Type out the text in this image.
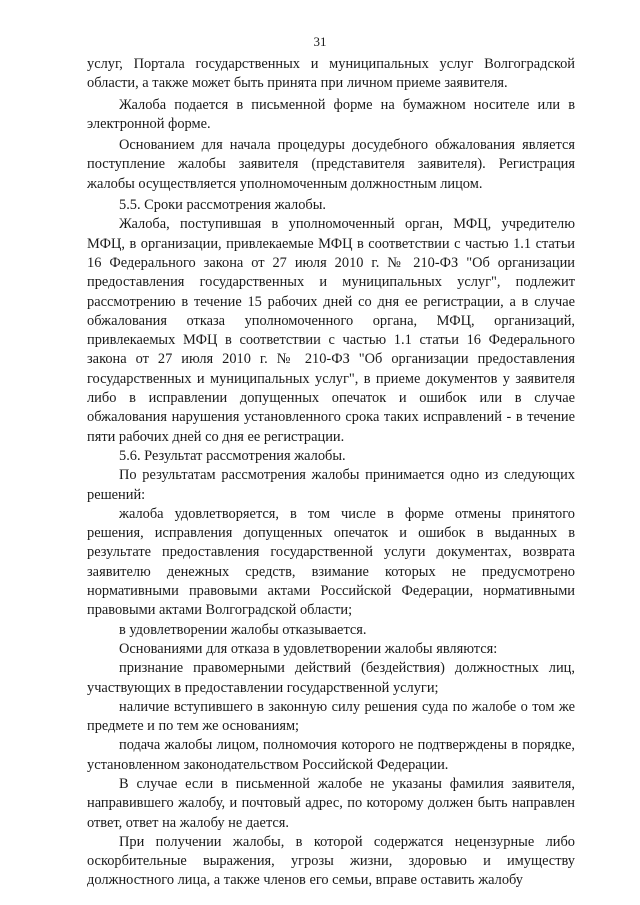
31

услуг, Портала государственных и муниципальных услуг Волгоградской области, а также может быть принята при личном приеме заявителя.

Жалоба подается в письменной форме на бумажном носителе или в электронной форме.

Основанием для начала процедуры досудебного обжалования является поступление жалобы заявителя (представителя заявителя). Регистрация жалобы осуществляется уполномоченным должностным лицом.

5.5. Сроки рассмотрения жалобы.

Жалоба, поступившая в уполномоченный орган, МФЦ, учредителю МФЦ, в организации, привлекаемые МФЦ в соответствии с частью 1.1 статьи 16 Федерального закона от 27 июля 2010 г. № 210-ФЗ "Об организации предоставления государственных и муниципальных услуг", подлежит рассмотрению в течение 15 рабочих дней со дня ее регистрации, а в случае обжалования отказа уполномоченного органа, МФЦ, организаций, привлекаемых МФЦ в соответствии с частью 1.1 статьи 16 Федерального закона от 27 июля 2010 г. № 210-ФЗ "Об организации предоставления государственных и муниципальных услуг", в приеме документов у заявителя либо в исправлении допущенных опечаток и ошибок или в случае обжалования нарушения установленного срока таких исправлений - в течение пяти рабочих дней со дня ее регистрации.

5.6. Результат рассмотрения жалобы.

По результатам рассмотрения жалобы принимается одно из следующих решений:

жалоба удовлетворяется, в том числе в форме отмены принятого решения, исправления допущенных опечаток и ошибок в выданных в результате предоставления государственной услуги документах, возврата заявителю денежных средств, взимание которых не предусмотрено нормативными правовыми актами Российской Федерации, нормативными правовыми актами Волгоградской области;

в удовлетворении жалобы отказывается.

Основаниями для отказа в удовлетворении жалобы являются:

признание правомерными действий (бездействия) должностных лиц, участвующих в предоставлении государственной услуги;

наличие вступившего в законную силу решения суда по жалобе о том же предмете и по тем же основаниям;

подача жалобы лицом, полномочия которого не подтверждены в порядке, установленном законодательством Российской Федерации.

В случае если в письменной жалобе не указаны фамилия заявителя, направившего жалобу, и почтовый адрес, по которому должен быть направлен ответ, ответ на жалобу не дается.

При получении жалобы, в которой содержатся нецензурные либо оскорбительные выражения, угрозы жизни, здоровью и имуществу должностного лица, а также членов его семьи, вправе оставить жалобу
